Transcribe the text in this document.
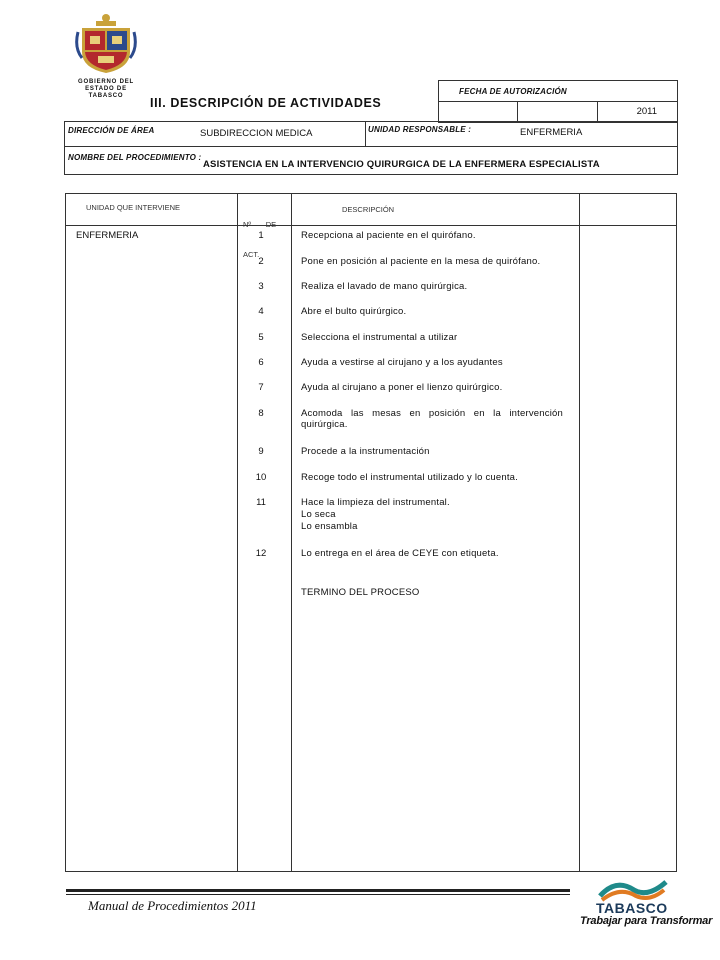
GOBIERNO DEL
ESTADO DE
TABASCO	III. DESCRIPCIÓN DE ACTIVIDADES
FECHA DE AUTORIZACIÓN
2011
DIRECCIÓN DE ÁREA	SUBDIRECCION MEDICA	UNIDAD RESPONSABLE :	ENFERMERIA
NOMBRE DEL PROCEDIMIENTO :
ASISTENCIA EN LA INTERVENCIO QUIRURGICA DE LA ENFERMERA ESPECIALISTA
UNIDAD QUE INTERVIENE

Nº       DE

ACT.

DESCRIPCIÓN
ENFERMERIA	1	Recepciona al paciente en el quirófano.
2	Pone en posición al paciente en la mesa de quirófano.
3	Realiza el lavado de mano quirúrgica.
4	Abre el bulto quirúrgico.
5	Selecciona el instrumental a utilizar
6	Ayuda a vestirse al cirujano y a los ayudantes
7	Ayuda al cirujano a poner el lienzo quirúrgico.
8	Acomoda las mesas en posición en la intervención quirúrgica.
9	Procede a la instrumentación
10	Recoge todo el instrumental utilizado y lo cuenta.
11	Hace la limpieza del instrumental.
Lo seca
Lo ensambla
12	Lo entrega en el área de CEYE con etiqueta.
TERMINO DEL PROCESO
Manual de Procedimientos 2011	TABASCO
Trabajar para Transformar
